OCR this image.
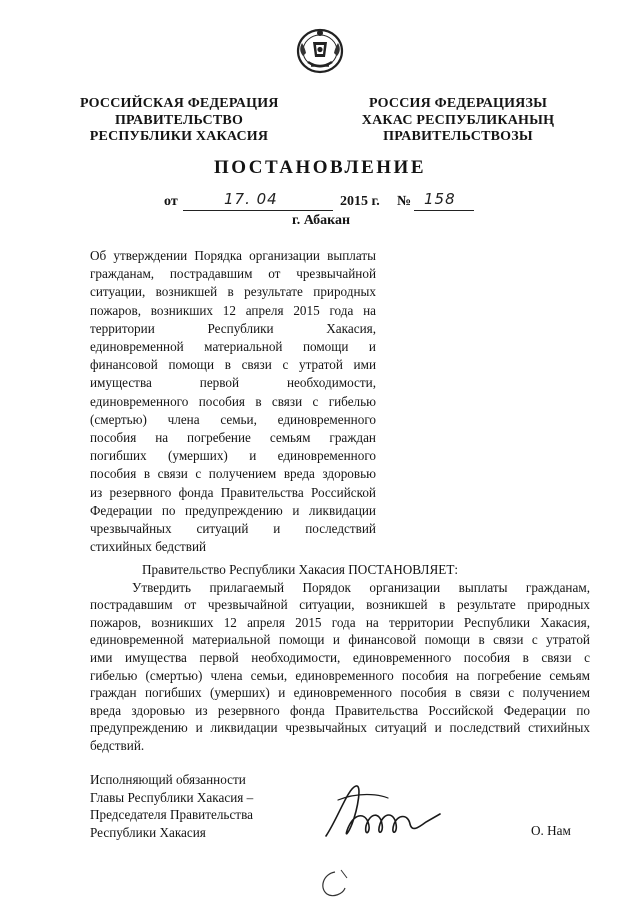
РОССИЙСКАЯ ФЕДЕРАЦИЯ
ПРАВИТЕЛЬСТВО
РЕСПУБЛИКИ ХАКАСИЯ
РОССИЯ ФЕДЕРАЦИЯЗЫ
ХАКАС РЕСПУБЛИКАНЫҢ
ПРАВИТЕЛЬСТВОЗЫ
ПОСТАНОВЛЕНИЕ
от	17. 04	2015 г. № 158
г. Абакан
Об утверждении Порядка организации выплаты
гражданам, пострадавшим от чрезвычайной
ситуации, возникшей в результате природных
пожаров, возникших 12 апреля 2015 года на
территории Республики Хакасия,
единовременной материальной помощи и
финансовой помощи в связи с утратой ими
имущества первой необходимости,
единовременного пособия в связи с гибелью
(смертью) члена семьи, единовременного
пособия на погребение семьям граждан
погибших (умерших) и единовременного
пособия в связи с получением вреда здоровью
из резервного фонда Правительства Российской
Федерации по предупреждению и ликвидации
чрезвычайных ситуаций и последствий
стихийных бедствий
Правительство Республики Хакасия ПОСТАНОВЛЯЕТ:
Утвердить прилагаемый Порядок организации выплаты гражданам,
пострадавшим от чрезвычайной ситуации, возникшей в результате природных
пожаров, возникших 12 апреля 2015 года на территории Республики Хакасия,
единовременной материальной помощи и финансовой помощи в связи с утратой
ими имущества первой необходимости, единовременного пособия в связи с
гибелью (смертью) члена семьи, единовременного пособия на погребение семьям
граждан погибших (умерших) и единовременного пособия в связи с получением
вреда здоровью из резервного фонда Правительства Российской Федерации по
предупреждению и ликвидации чрезвычайных ситуаций и последствий стихийных
бедствий.
Исполняющий обязанности
Главы Республики Хакасия –
Председателя Правительства
Республики Хакасия	О. Нам
